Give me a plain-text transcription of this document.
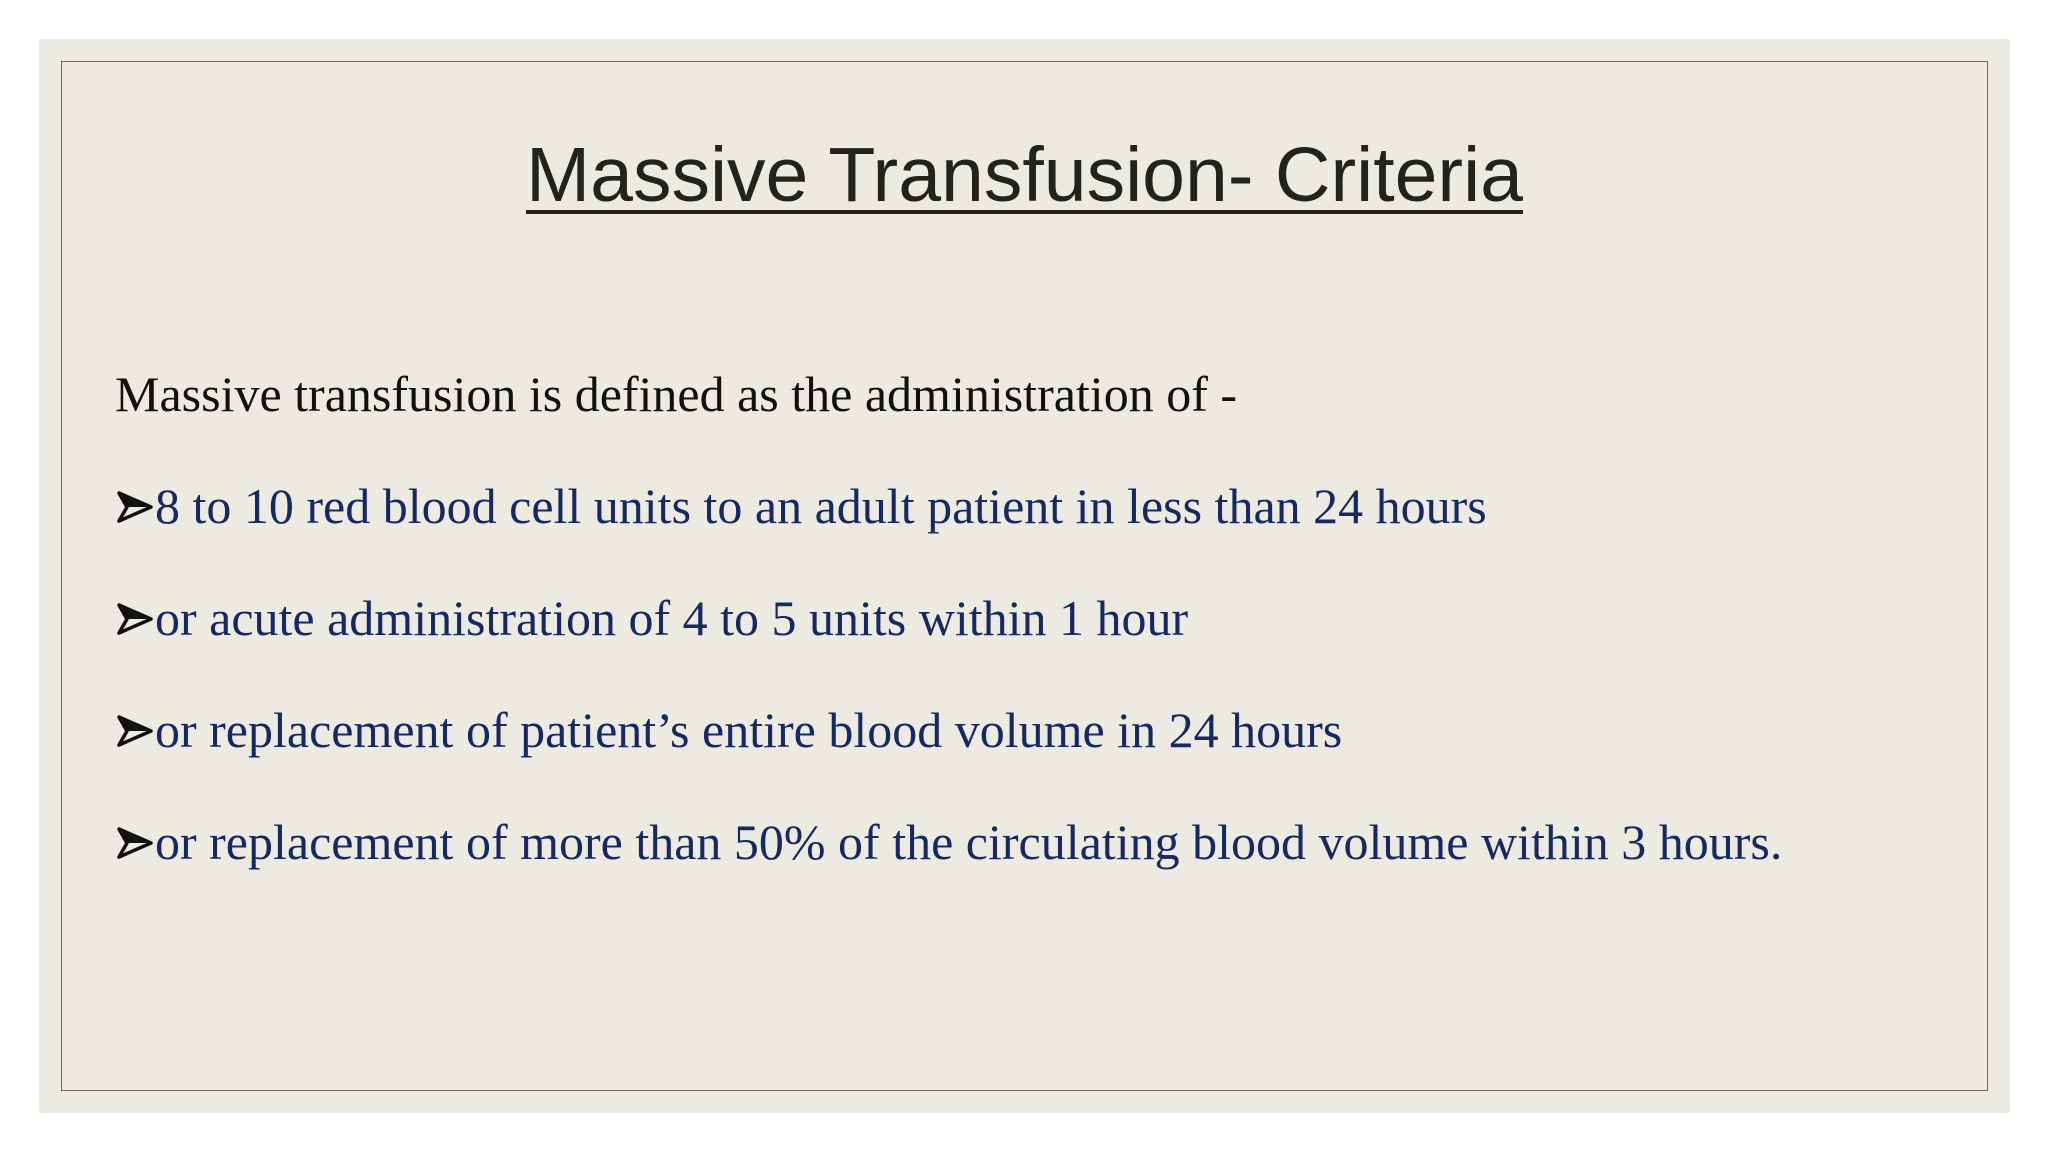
Massive Transfusion- Criteria
Massive transfusion is defined as the administration of -
8 to 10 red blood cell units to an adult patient in less than 24 hours
or acute administration of 4 to 5 units within 1 hour
or replacement of patient’s entire blood volume in 24 hours
or replacement of more than 50% of the circulating blood volume within 3 hours.
